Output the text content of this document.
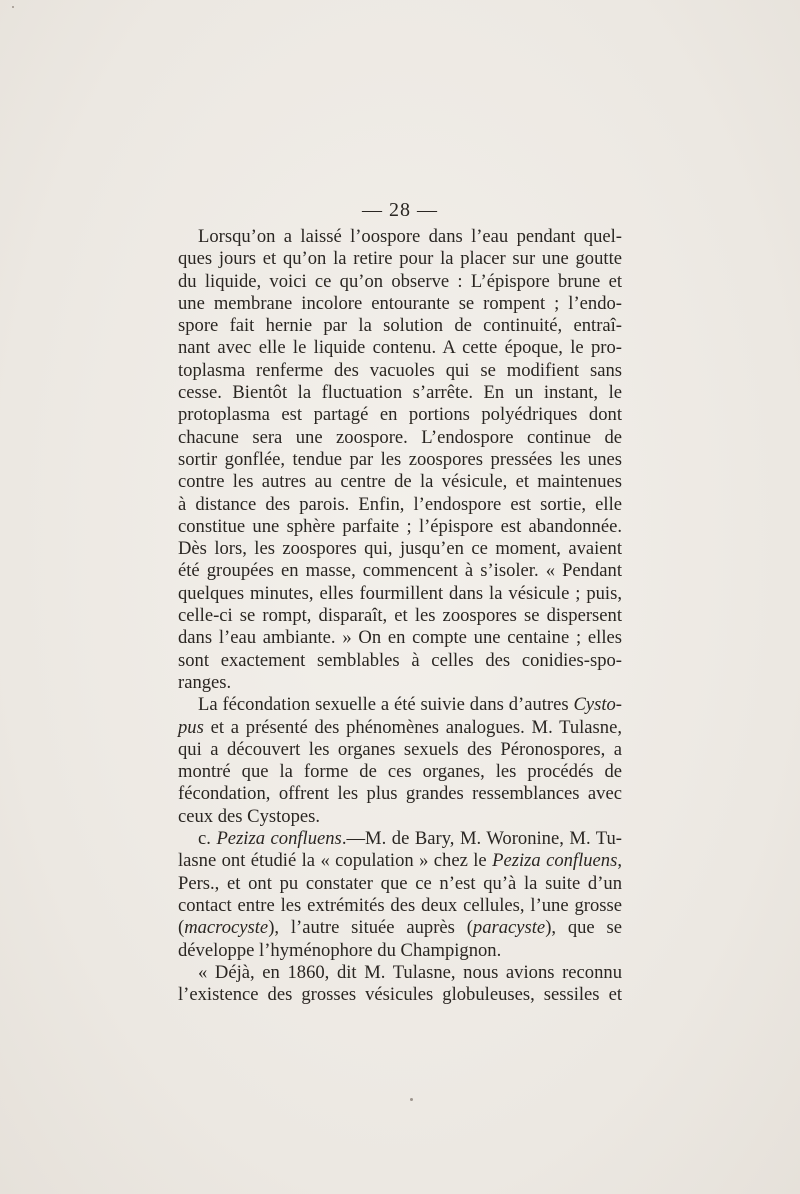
— 28 —
Lorsqu’on a laissé l’oospore dans l’eau pendant quel-
ques jours et qu’on la retire pour la placer sur une goutte
du liquide, voici ce qu’on observe : L’épispore brune et
une membrane incolore entourante se rompent ; l’endo-
spore fait hernie par la solution de continuité, entraî-
nant avec elle le liquide contenu. A cette époque, le pro-
toplasma renferme des vacuoles qui se modifient sans
cesse. Bientôt la fluctuation s’arrête. En un instant, le
protoplasma est partagé en portions polyédriques dont
chacune sera une zoospore. L’endospore continue de
sortir gonflée, tendue par les zoospores pressées les unes
contre les autres au centre de la vésicule, et maintenues
à distance des parois. Enfin, l’endospore est sortie, elle
constitue une sphère parfaite ; l’épispore est abandonnée.
Dès lors, les zoospores qui, jusqu’en ce moment, avaient
été groupées en masse, commencent à s’isoler. « Pendant
quelques minutes, elles fourmillent dans la vésicule ; puis,
celle-ci se rompt, disparaît, et les zoospores se dispersent
dans l’eau ambiante. » On en compte une centaine ; elles
sont exactement semblables à celles des conidies-spo-
ranges.
La fécondation sexuelle a été suivie dans d’autres Cysto-
pus et a présenté des phénomènes analogues. M. Tulasne,
qui a découvert les organes sexuels des Péronospores, a
montré que la forme de ces organes, les procédés de
fécondation, offrent les plus grandes ressemblances avec
ceux des Cystopes.
c. Peziza confluens.—M. de Bary, M. Woronine, M. Tu-
lasne ont étudié la « copulation » chez le Peziza confluens,
Pers., et ont pu constater que ce n’est qu’à la suite d’un
contact entre les extrémités des deux cellules, l’une grosse
(macrocyste), l’autre située auprès (paracyste), que se
développe l’hyménophore du Champignon.
« Déjà, en 1860, dit M. Tulasne, nous avions reconnu
l’existence des grosses vésicules globuleuses, sessiles et
